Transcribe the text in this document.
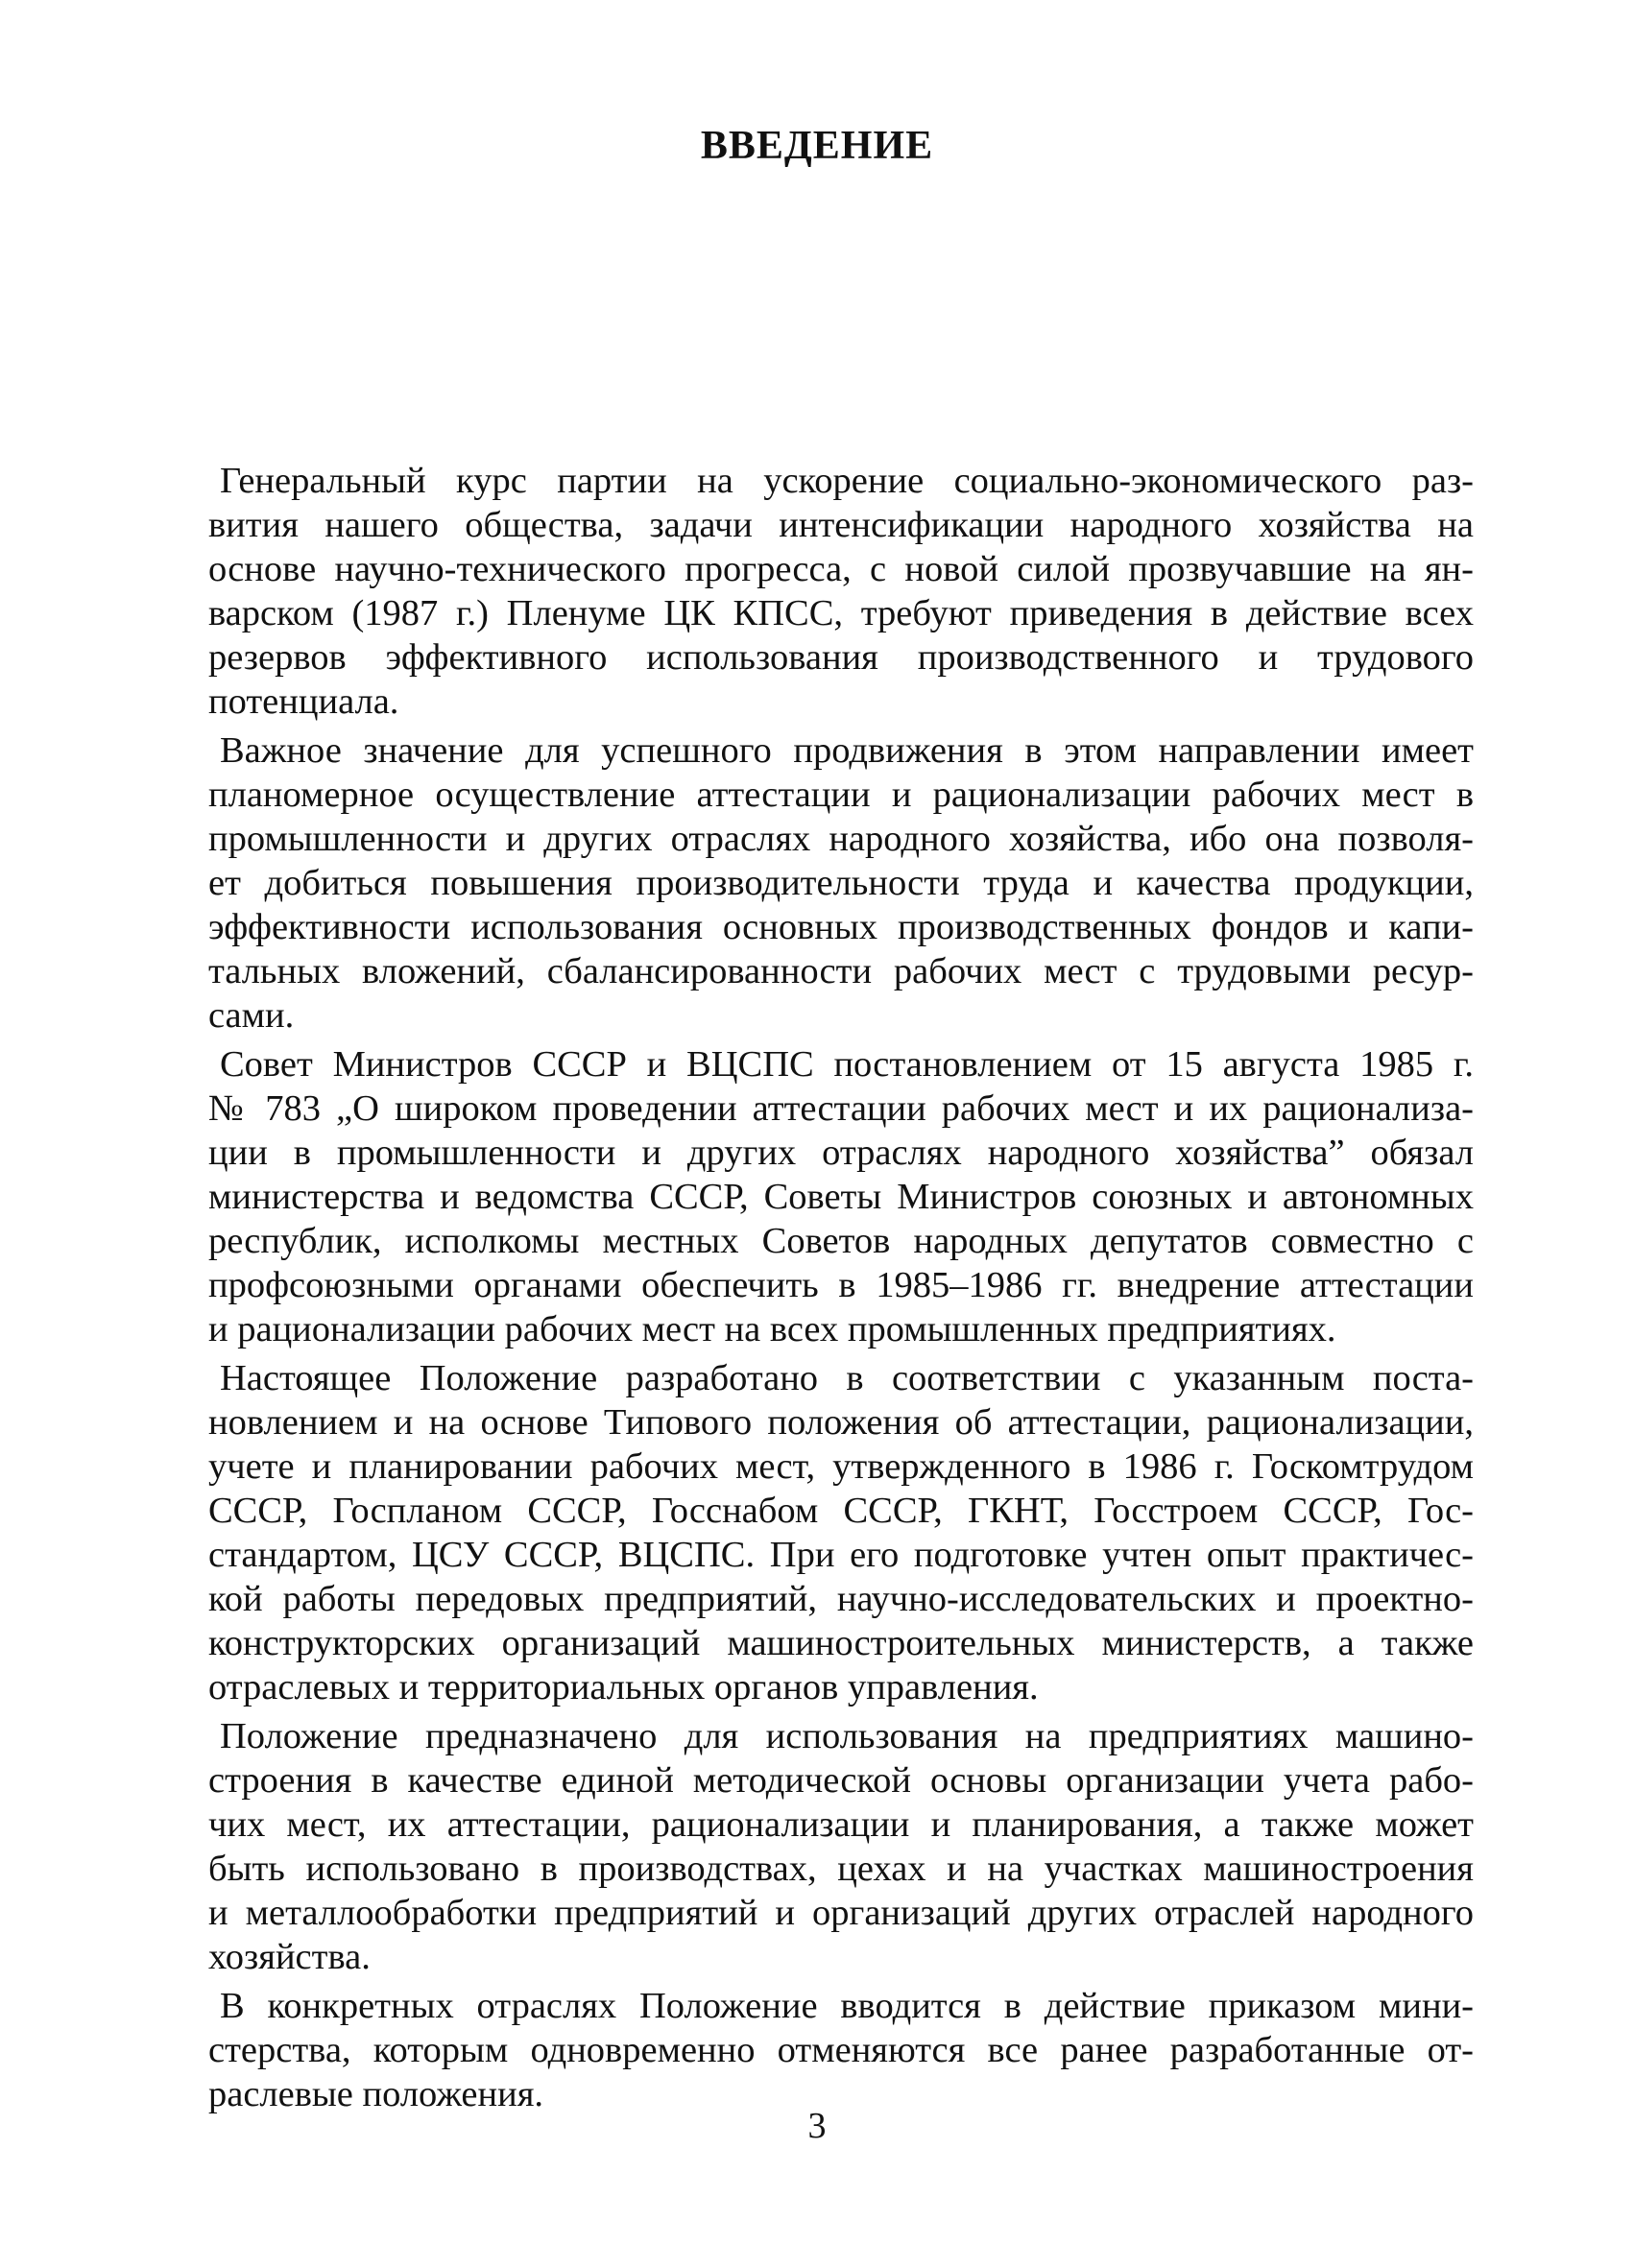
ВВЕДЕНИЕ

Генеральный курс партии на ускорение социально-экономического раз-
вития нашего общества, задачи интенсификации народного хозяйства на
основе научно-технического прогресса, с новой силой прозвучавшие на ян-
варском (1987 г.) Пленуме ЦК КПСС, требуют приведения в действие всех
резервов эффективного использования производственного и трудового
потенциала.

Важное значение для успешного продвижения в этом направлении имеет
планомерное осуществление аттестации и рационализации рабочих мест в
промышленности и других отраслях народного хозяйства, ибо она позволя-
ет добиться повышения производительности труда и качества продукции,
эффективности использования основных производственных фондов и капи-
тальных вложений, сбалансированности рабочих мест с трудовыми ресур-
сами.

Совет Министров СССР и ВЦСПС постановлением от 15 августа 1985 г.
№ 783 „О широком проведении аттестации рабочих мест и их рационализа-
ции в промышленности и других отраслях народного хозяйства” обязал
министерства и ведомства СССР, Советы Министров союзных и автономных
республик, исполкомы местных Советов народных депутатов совместно с
профсоюзными органами обеспечить в 1985–1986 гг. внедрение аттестации
и рационализации рабочих мест на всех промышленных предприятиях.

Настоящее Положение разработано в соответствии с указанным поста-
новлением и на основе Типового положения об аттестации, рационализации,
учете и планировании рабочих мест, утвержденного в 1986 г. Госкомтрудом
СССР, Госпланом СССР, Госснабом СССР, ГКНТ, Госстроем СССР, Гос-
стандартом, ЦСУ СССР, ВЦСПС. При его подготовке учтен опыт практичес-
кой работы передовых предприятий, научно-исследовательских и проектно-
конструкторских организаций машиностроительных министерств, а также
отраслевых и территориальных органов управления.

Положение предназначено для использования на предприятиях машино-
строения в качестве единой методической основы организации учета рабо-
чих мест, их аттестации, рационализации и планирования, а также может
быть использовано в производствах, цехах и на участках машиностроения
и металлообработки предприятий и организаций других отраслей народного
хозяйства.

В конкретных отраслях Положение вводится в действие приказом мини-
стерства, которым одновременно отменяются все ранее разработанные от-
раслевые положения.

3
